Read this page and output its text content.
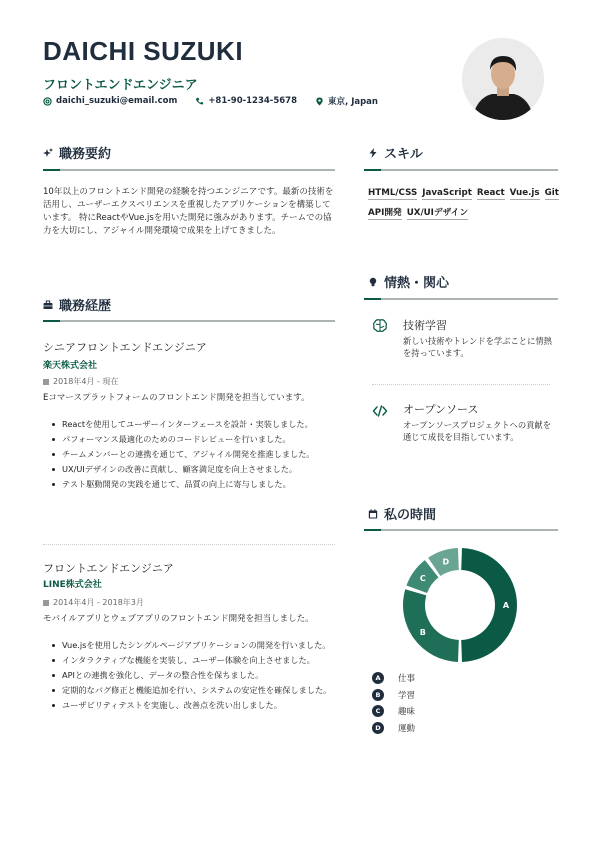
DAICHI SUZUKI
フロントエンドエンジニア
daichi_suzuki@email.com	+81-90-1234-5678	東京, Japan
職務要約
10年以上のフロントエンド開発の経験を持つエンジニアです。最新の技術を活用し、ユーザーエクスペリエンスを重視したアプリケーションを構築しています。 特にReactやVue.jsを用いた開発に強みがあります。チームでの協力を大切にし、アジャイル開発環境で成果を上げてきました。
職務経歴
シニアフロントエンドエンジニア
楽天株式会社
2018年4月 - 現在
Eコマースプラットフォームのフロントエンド開発を担当しています。
Reactを使用してユーザーインターフェースを設計・実装しました。
パフォーマンス最適化のためのコードレビューを行いました。
チームメンバーとの連携を通じて、アジャイル開発を推進しました。
UX/UIデザインの改善に貢献し、顧客満足度を向上させました。
テスト駆動開発の実践を通じて、品質の向上に寄与しました。
フロントエンドエンジニア
LINE株式会社
2014年4月 - 2018年3月
モバイルアプリとウェブアプリのフロントエンド開発を担当しました。
Vue.jsを使用したシングルページアプリケーションの開発を行いました。
インタラクティブな機能を実装し、ユーザー体験を向上させました。
APIとの連携を強化し、データの整合性を保ちました。
定期的なバグ修正と機能追加を行い、システムの安定性を確保しました。
ユーザビリティテストを実施し、改善点を洗い出しました。
スキル
HTML/CSS JavaScript React Vue.js Git
API開発 UX/UIデザイン
情熱・関心
技術学習
新しい技術やトレンドを学ぶことに情熱を持っています。
オープンソース
オープンソースプロジェクトへの貢献を通じて成長を目指しています。
私の時間
A
B
C
D
A	仕事
B	学習
C	趣味
D	運動
